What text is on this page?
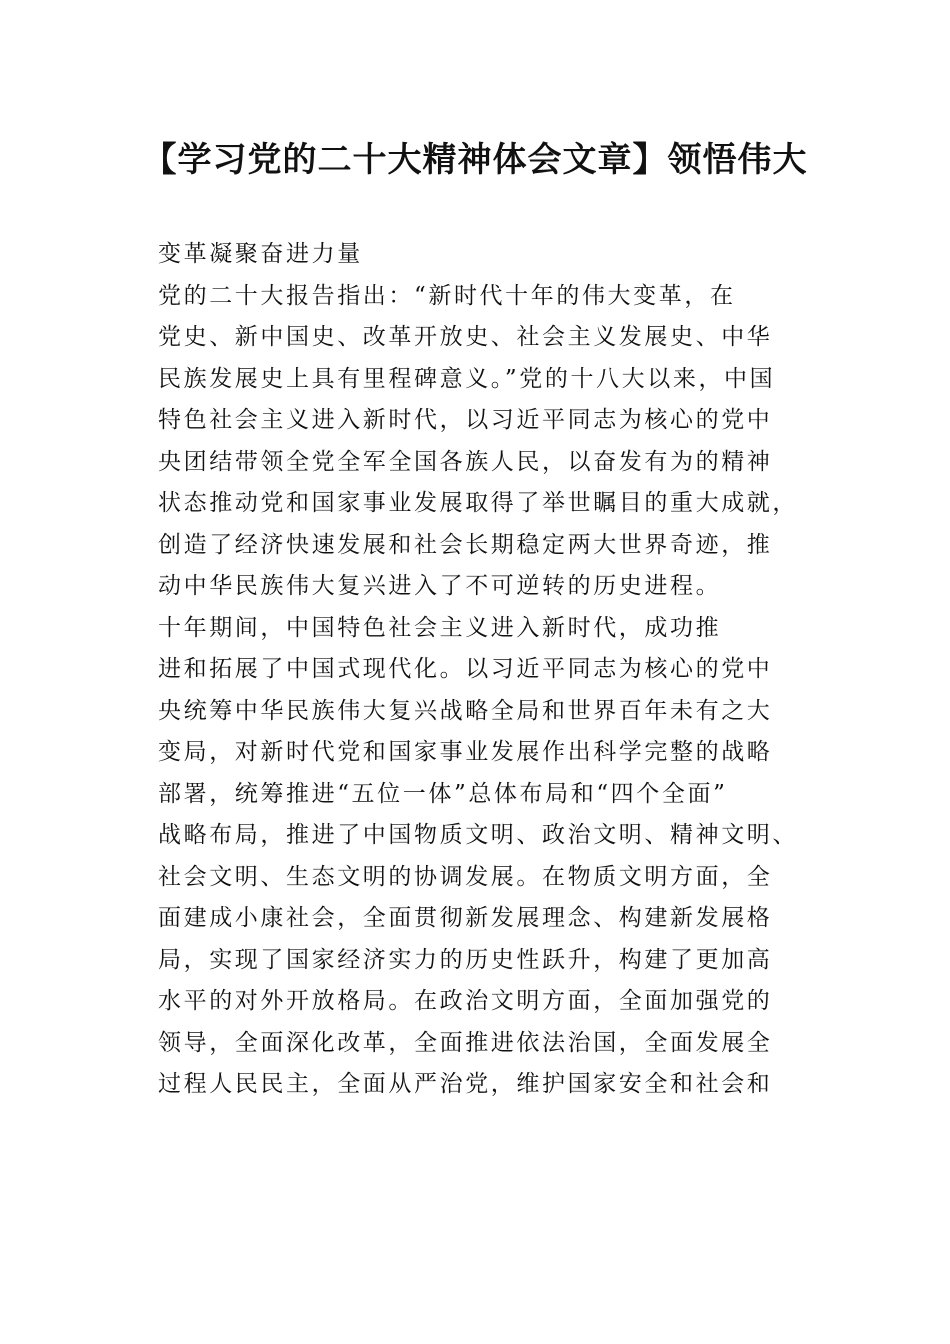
【学习党的二十大精神体会文章】领悟伟大
变革凝聚奋进力量
党的二十大报告指出：“新时代十年的伟大变革，在
党史、新中国史、改革开放史、社会主义发展史、中华
民族发展史上具有里程碑意义。”党的十八大以来，中国
特色社会主义进入新时代，以习近平同志为核心的党中
央团结带领全党全军全国各族人民，以奋发有为的精神
状态推动党和国家事业发展取得了举世瞩目的重大成就，
创造了经济快速发展和社会长期稳定两大世界奇迹，推
动中华民族伟大复兴进入了不可逆转的历史进程。
十年期间，中国特色社会主义进入新时代，成功推
进和拓展了中国式现代化。以习近平同志为核心的党中
央统筹中华民族伟大复兴战略全局和世界百年未有之大
变局，对新时代党和国家事业发展作出科学完整的战略
部署，统筹推进“五位一体”总体布局和“四个全面”
战略布局，推进了中国物质文明、政治文明、精神文明、
社会文明、生态文明的协调发展。在物质文明方面，全
面建成小康社会，全面贯彻新发展理念、构建新发展格
局，实现了国家经济实力的历史性跃升，构建了更加高
水平的对外开放格局。在政治文明方面，全面加强党的
领导，全面深化改革，全面推进依法治国，全面发展全
过程人民民主，全面从严治党，维护国家安全和社会和
